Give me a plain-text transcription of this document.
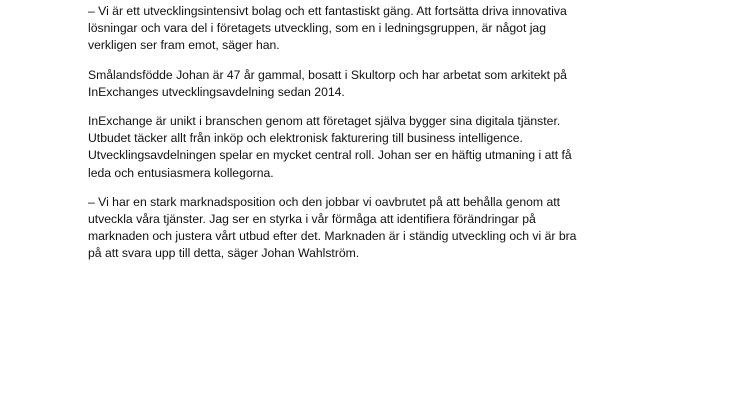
– Vi är ett utvecklingsintensivt bolag och ett fantastiskt gäng. Att fortsätta driva innovativa
lösningar och vara del i företagets utveckling, som en i ledningsgruppen, är något jag
verkligen ser fram emot, säger han.

Smålandsfödde Johan är 47 år gammal, bosatt i Skultorp och har arbetat som arkitekt på
InExchanges utvecklingsavdelning sedan 2014.

InExchange är unikt i branschen genom att företaget själva bygger sina digitala tjänster.
Utbudet täcker allt från inköp och elektronisk fakturering till business intelligence.
Utvecklingsavdelningen spelar en mycket central roll. Johan ser en häftig utmaning i att få
leda och entusiasmera kollegorna.

– Vi har en stark marknadsposition och den jobbar vi oavbrutet på att behålla genom att
utveckla våra tjänster. Jag ser en styrka i vår förmåga att identifiera förändringar på
marknaden och justera vårt utbud efter det. Marknaden är i ständig utveckling och vi är bra
på att svara upp till detta, säger Johan Wahlström.
